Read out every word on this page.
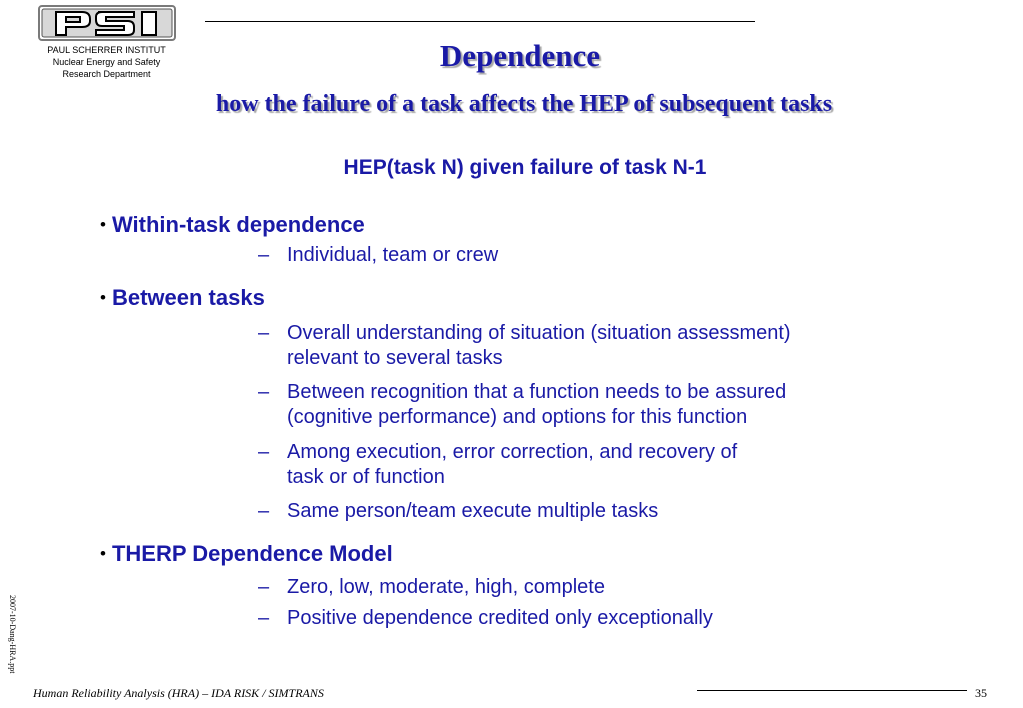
PAUL SCHERRER INSTITUT
Nuclear Energy and Safety
Research Department
Dependence
how the failure of a task affects the HEP of subsequent tasks
HEP(task N) given failure of task N-1
• Within-task dependence
– Individual, team or crew
• Between tasks
– Overall understanding of situation (situation assessment)
relevant to several tasks
– Between recognition that a function needs to be assured
(cognitive performance) and options for this function
– Among execution, error correction, and recovery of
task or of function
– Same person/team execute multiple tasks
• THERP Dependence Model
– Zero, low, moderate, high, complete
– Positive dependence credited only exceptionally
2007-10-Dang-HRA.ppt
Human Reliability Analysis (HRA) – IDA RISK / SIMTRANS	35
